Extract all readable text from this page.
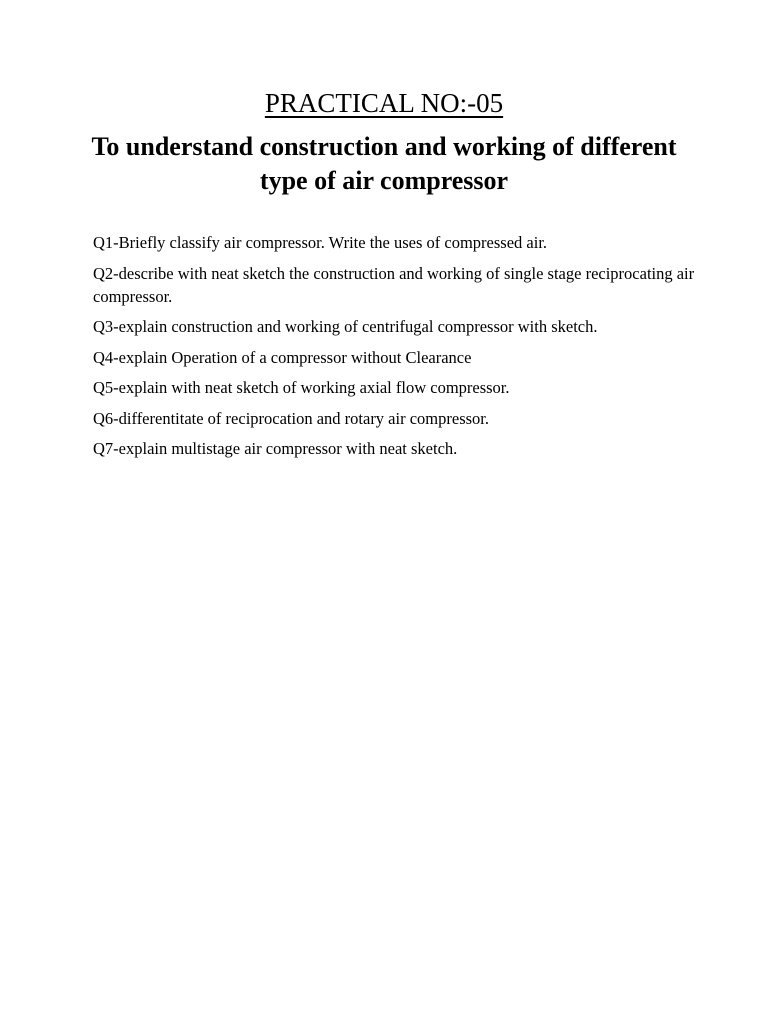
PRACTICAL NO:-05
To understand construction and working of different type of air compressor
Q1-Briefly classify air compressor. Write the uses of compressed air.
Q2-describe with neat sketch the construction and working of single stage reciprocating air compressor.
Q3-explain construction and working of centrifugal compressor with sketch.
Q4-explain Operation of a compressor without Clearance
Q5-explain with neat sketch of working axial flow compressor.
Q6-differentitate of reciprocation and rotary air compressor.
Q7-explain multistage air compressor with neat sketch.
